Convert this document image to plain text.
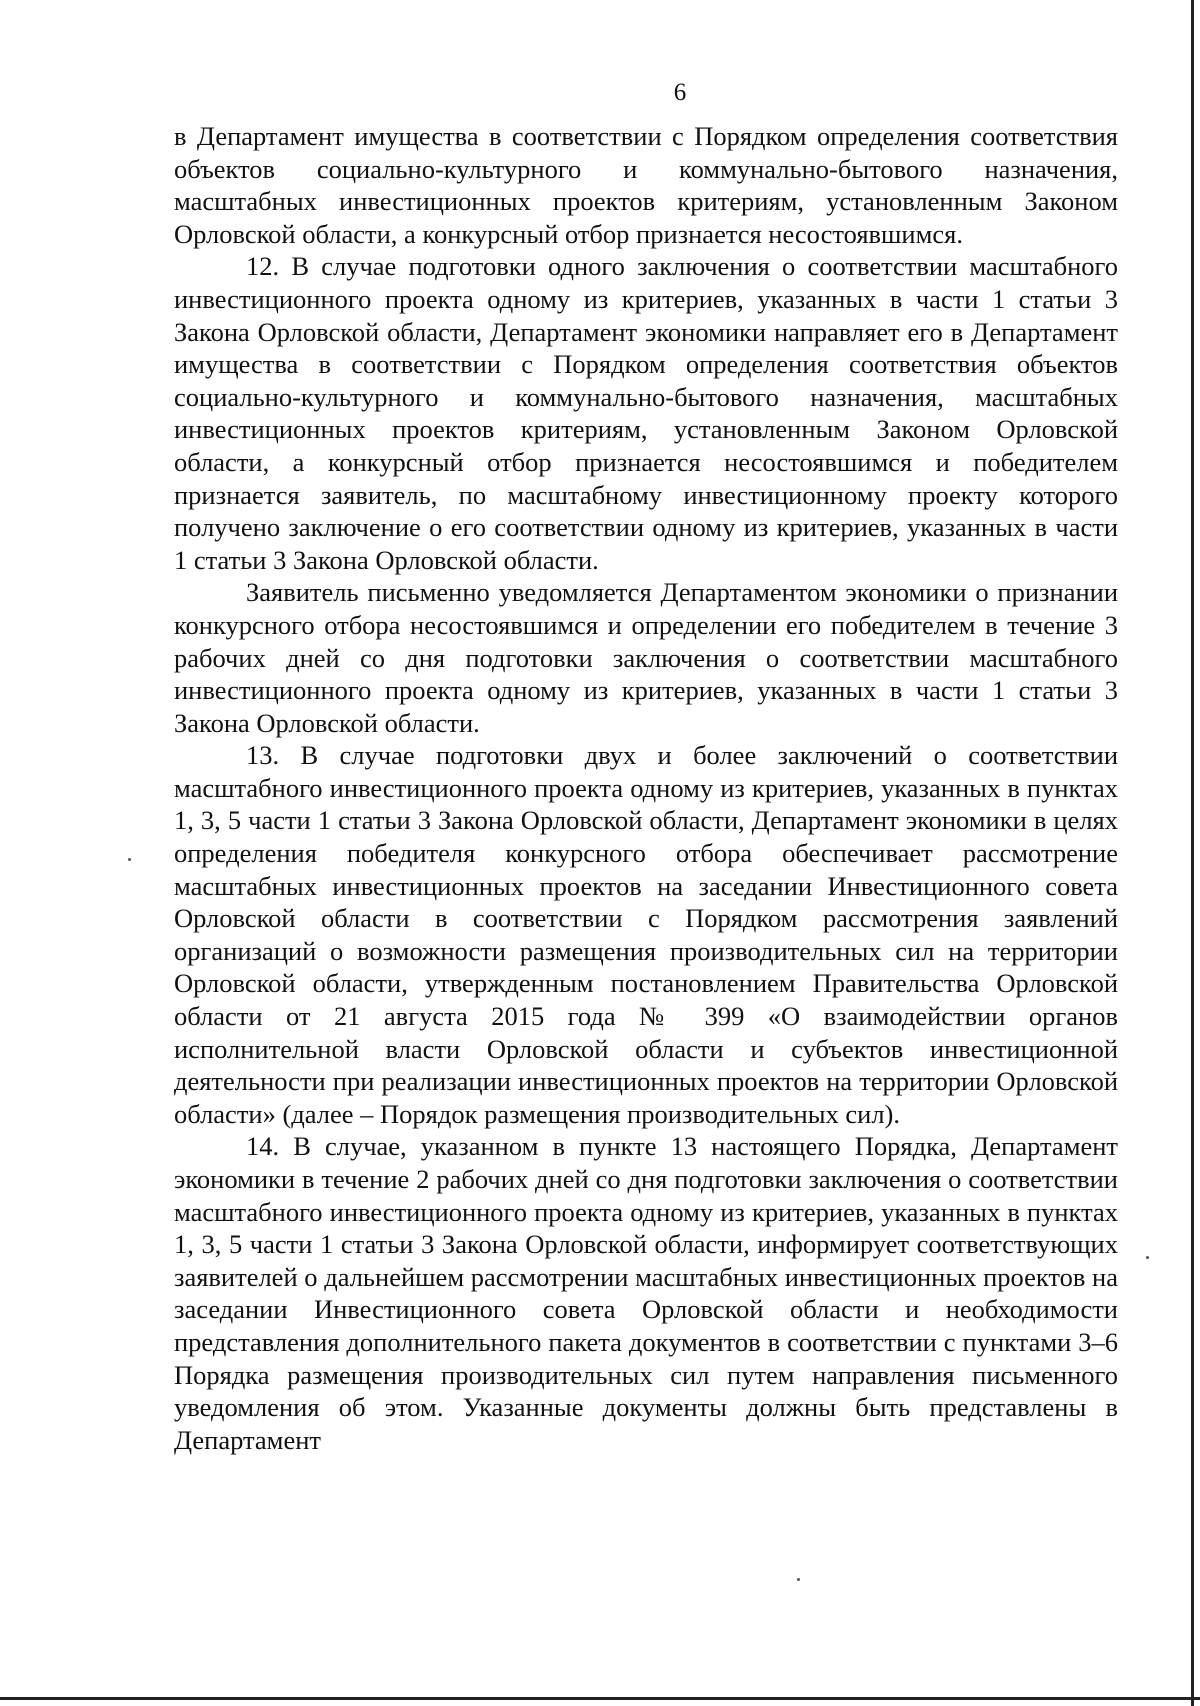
6

в Департамент имущества в соответствии с Порядком определения соответствия объектов социально-культурного и коммунально-бытового назначения, масштабных инвестиционных проектов критериям, установленным Законом Орловской области, а конкурсный отбор признается несостоявшимся.

12. В случае подготовки одного заключения о соответствии масштабного инвестиционного проекта одному из критериев, указанных в части 1 статьи 3 Закона Орловской области, Департамент экономики направляет его в Департамент имущества в соответствии с Порядком определения соответствия объектов социально-культурного и коммунально-бытового назначения, масштабных инвестиционных проектов критериям, установленным Законом Орловской области, а конкурсный отбор признается несостоявшимся и победителем признается заявитель, по масштабному инвестиционному проекту которого получено заключение о его соответствии одному из критериев, указанных в части 1 статьи 3 Закона Орловской области.

Заявитель письменно уведомляется Департаментом экономики о признании конкурсного отбора несостоявшимся и определении его победителем в течение 3 рабочих дней со дня подготовки заключения о соответствии масштабного инвестиционного проекта одному из критериев, указанных в части 1 статьи 3 Закона Орловской области.

13. В случае подготовки двух и более заключений о соответствии масштабного инвестиционного проекта одному из критериев, указанных в пунктах 1, 3, 5 части 1 статьи 3 Закона Орловской области, Департамент экономики в целях определения победителя конкурсного отбора обеспечивает рассмотрение масштабных инвестиционных проектов на заседании Инвестиционного совета Орловской области в соответствии с Порядком рассмотрения заявлений организаций о возможности размещения производительных сил на территории Орловской области, утвержденным постановлением Правительства Орловской области от 21 августа 2015 года № 399 «О взаимодействии органов исполнительной власти Орловской области и субъектов инвестиционной деятельности при реализации инвестиционных проектов на территории Орловской области» (далее – Порядок размещения производительных сил).

14. В случае, указанном в пункте 13 настоящего Порядка, Департамент экономики в течение 2 рабочих дней со дня подготовки заключения о соответствии масштабного инвестиционного проекта одному из критериев, указанных в пунктах 1, 3, 5 части 1 статьи 3 Закона Орловской области, информирует соответствующих заявителей о дальнейшем рассмотрении масштабных инвестиционных проектов на заседании Инвестиционного совета Орловской области и необходимости представления дополнительного пакета документов в соответствии с пунктами 3–6 Порядка размещения производительных сил путем направления письменного уведомления об этом. Указанные документы должны быть представлены в Департамент
